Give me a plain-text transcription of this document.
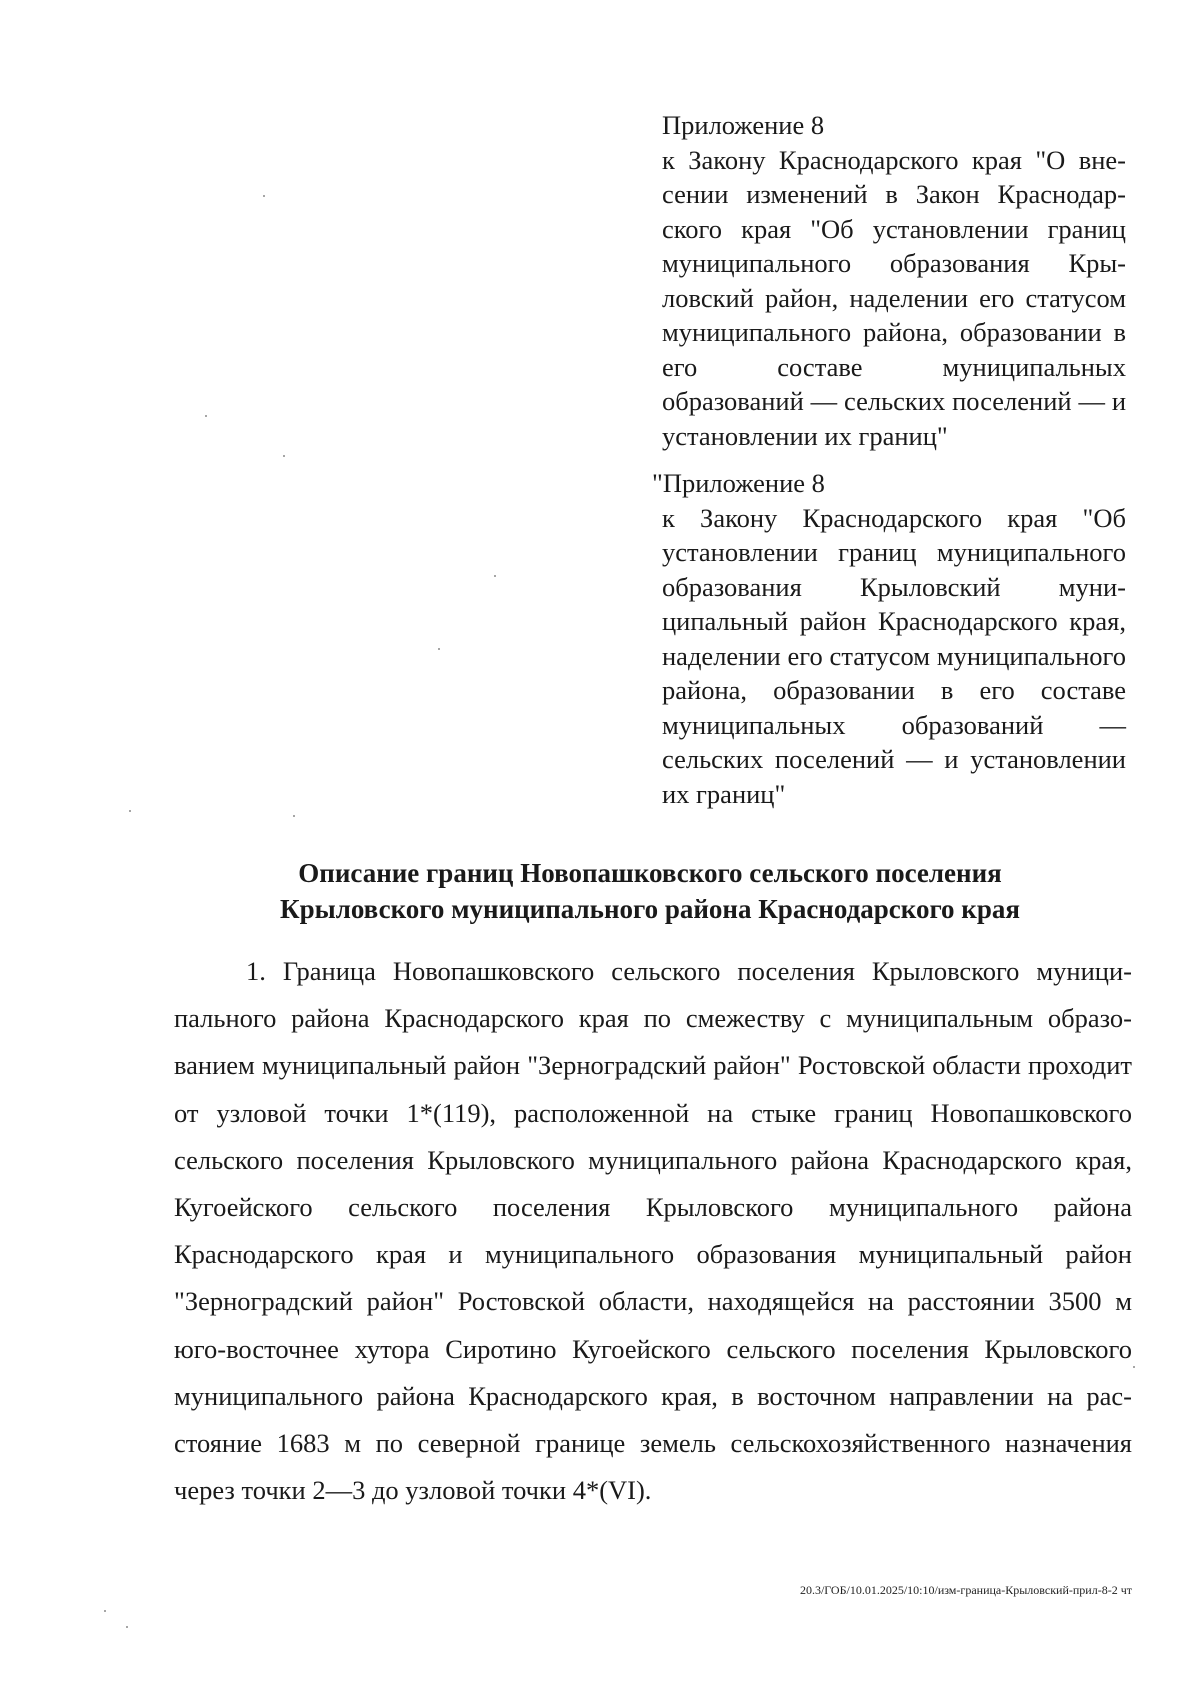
Приложение 8
к Закону Краснодарского края "О внесении изменений в Закон Краснодарского края "Об установлении границ муниципального образования Крыловский район, наделении его статусом муниципального района, образовании в его составе муниципальных образований — сельских поселений — и установлении их границ"
"Приложение 8
к Закону Краснодарского края "Об установлении границ муниципального образования Крыловский муниципальный район Краснодарского края, наделении его статусом муниципального района, образовании в его составе муниципальных образований — сельских поселений — и установлении их границ"
Описание границ Новопашковского сельского поселения
Крыловского муниципального района Краснодарского края
1. Граница Новопашковского сельского поселения Крыловского муниципального района Краснодарского края по смежеству с муниципальным образованием муниципальный район "Зерноградский район" Ростовской области проходит от узловой точки 1*(119), расположенной на стыке границ Новопашковского сельского поселения Крыловского муниципального района Краснодарского края, Кугоейского сельского поселения Крыловского муниципального района Краснодарского края и муниципального образования муниципальный район "Зерноградский район" Ростовской области, находящейся на расстоянии 3500 м юго-восточнее хутора Сиротино Кугоейского сельского поселения Крыловского муниципального района Краснодарского края, в восточном направлении на расстояние 1683 м по северной границе земель сельскохозяйственного назначения через точки 2—3 до узловой точки 4*(VI).
20.3/ГОБ/10.01.2025/10:10/изм-граница-Крыловский-прил-8-2 чт
